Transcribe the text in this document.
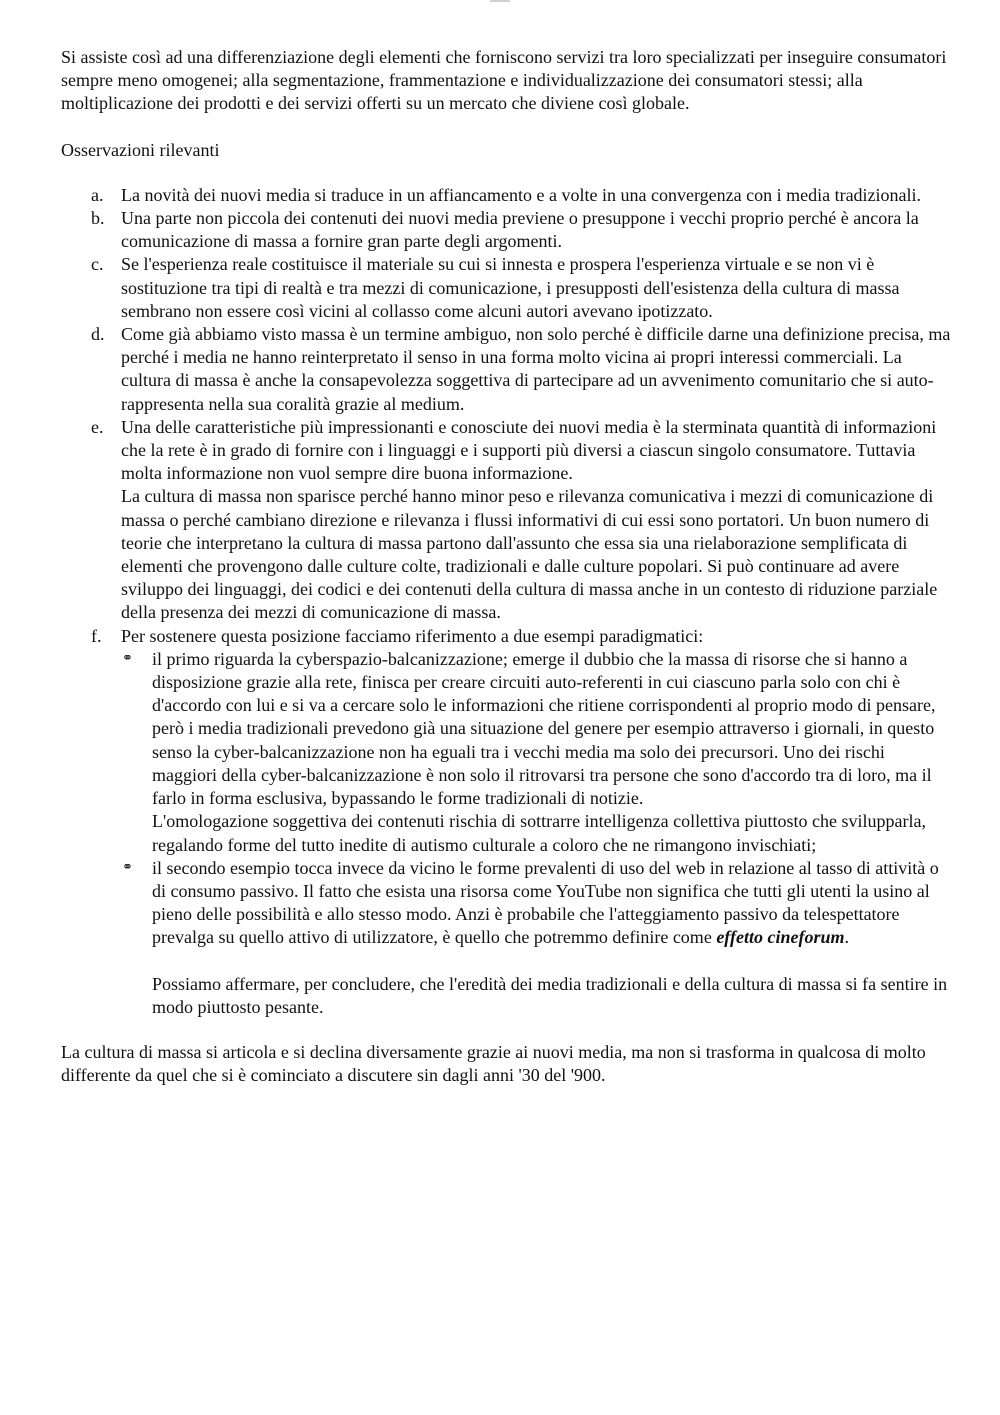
Si assiste così ad una differenziazione degli elementi che forniscono servizi tra loro specializzati per inseguire consumatori sempre meno omogenei; alla segmentazione, frammentazione e individualizzazione dei consumatori stessi; alla moltiplicazione dei prodotti e dei servizi offerti su un mercato che diviene così globale.

Osservazioni rilevanti

a. La novità dei nuovi media si traduce in un affiancamento e a volte in una convergenza con i media tradizionali.
b. Una parte non piccola dei contenuti dei nuovi media previene o presuppone i vecchi proprio perché è ancora la comunicazione di massa a fornire gran parte degli argomenti.
c. Se l'esperienza reale costituisce il materiale su cui si innesta e prospera l'esperienza virtuale e se non vi è sostituzione tra tipi di realtà e tra mezzi di comunicazione, i presupposti dell'esistenza della cultura di massa sembrano non essere così vicini al collasso come alcuni autori avevano ipotizzato.
d. Come già abbiamo visto massa è un termine ambiguo, non solo perché è difficile darne una definizione precisa, ma perché i media ne hanno reinterpretato il senso in una forma molto vicina ai propri interessi commerciali. La cultura di massa è anche la consapevolezza soggettiva di partecipare ad un avvenimento comunitario che si auto-rappresenta nella sua coralità grazie al medium.
e. Una delle caratteristiche più impressionanti e conosciute dei nuovi media è la sterminata quantità di informazioni che la rete è in grado di fornire con i linguaggi e i supporti più diversi a ciascun singolo consumatore. Tuttavia molta informazione non vuol sempre dire buona informazione.

La cultura di massa non sparisce perché hanno minor peso e rilevanza comunicativa i mezzi di comunicazione di massa o perché cambiano direzione e rilevanza i flussi informativi di cui essi sono portatori. Un buon numero di teorie che interpretano la cultura di massa partono dall'assunto che essa sia una rielaborazione semplificata di elementi che provengono dalle culture colte, tradizionali e dalle culture popolari. Si può continuare ad avere sviluppo dei linguaggi, dei codici e dei contenuti della cultura di massa anche in un contesto di riduzione parziale della presenza dei mezzi di comunicazione di massa.

f. Per sostenere questa posizione facciamo riferimento a due esempi paradigmatici:

⚭ il primo riguarda la cyberspazio-balcanizzazione; emerge il dubbio che la massa di risorse che si hanno a disposizione grazie alla rete, finisca per creare circuiti auto-referenti in cui ciascuno parla solo con chi è d'accordo con lui e si va a cercare solo le informazioni che ritiene corrispondenti al proprio modo di pensare, però i media tradizionali prevedono già una situazione del genere per esempio attraverso i giornali, in questo senso la cyber-balcanizzazione non ha eguali tra i vecchi media ma solo dei precursori. Uno dei rischi maggiori della cyber-balcanizzazione è non solo il ritrovarsi tra persone che sono d'accordo tra di loro, ma il farlo in forma esclusiva, bypassando le forme tradizionali di notizie.

L'omologazione soggettiva dei contenuti rischia di sottrarre intelligenza collettiva piuttosto che svilupparla, regalando forme del tutto inedite di autismo culturale a coloro che ne rimangono invischiati;

⚭ il secondo esempio tocca invece da vicino le forme prevalenti di uso del web in relazione al tasso di attività o di consumo passivo. Il fatto che esista una risorsa come YouTube non significa che tutti gli utenti la usino al pieno delle possibilità e allo stesso modo. Anzi è probabile che l'atteggiamento passivo da telespettatore prevalga su quello attivo di utilizzatore, è quello che potremmo definire come effetto cineforum.

Possiamo affermare, per concludere, che l'eredità dei media tradizionali e della cultura di massa si fa sentire in modo piuttosto pesante.

La cultura di massa si articola e si declina diversamente grazie ai nuovi media, ma non si trasforma in qualcosa di molto differente da quel che si è cominciato a discutere sin dagli anni '30 del '900.
